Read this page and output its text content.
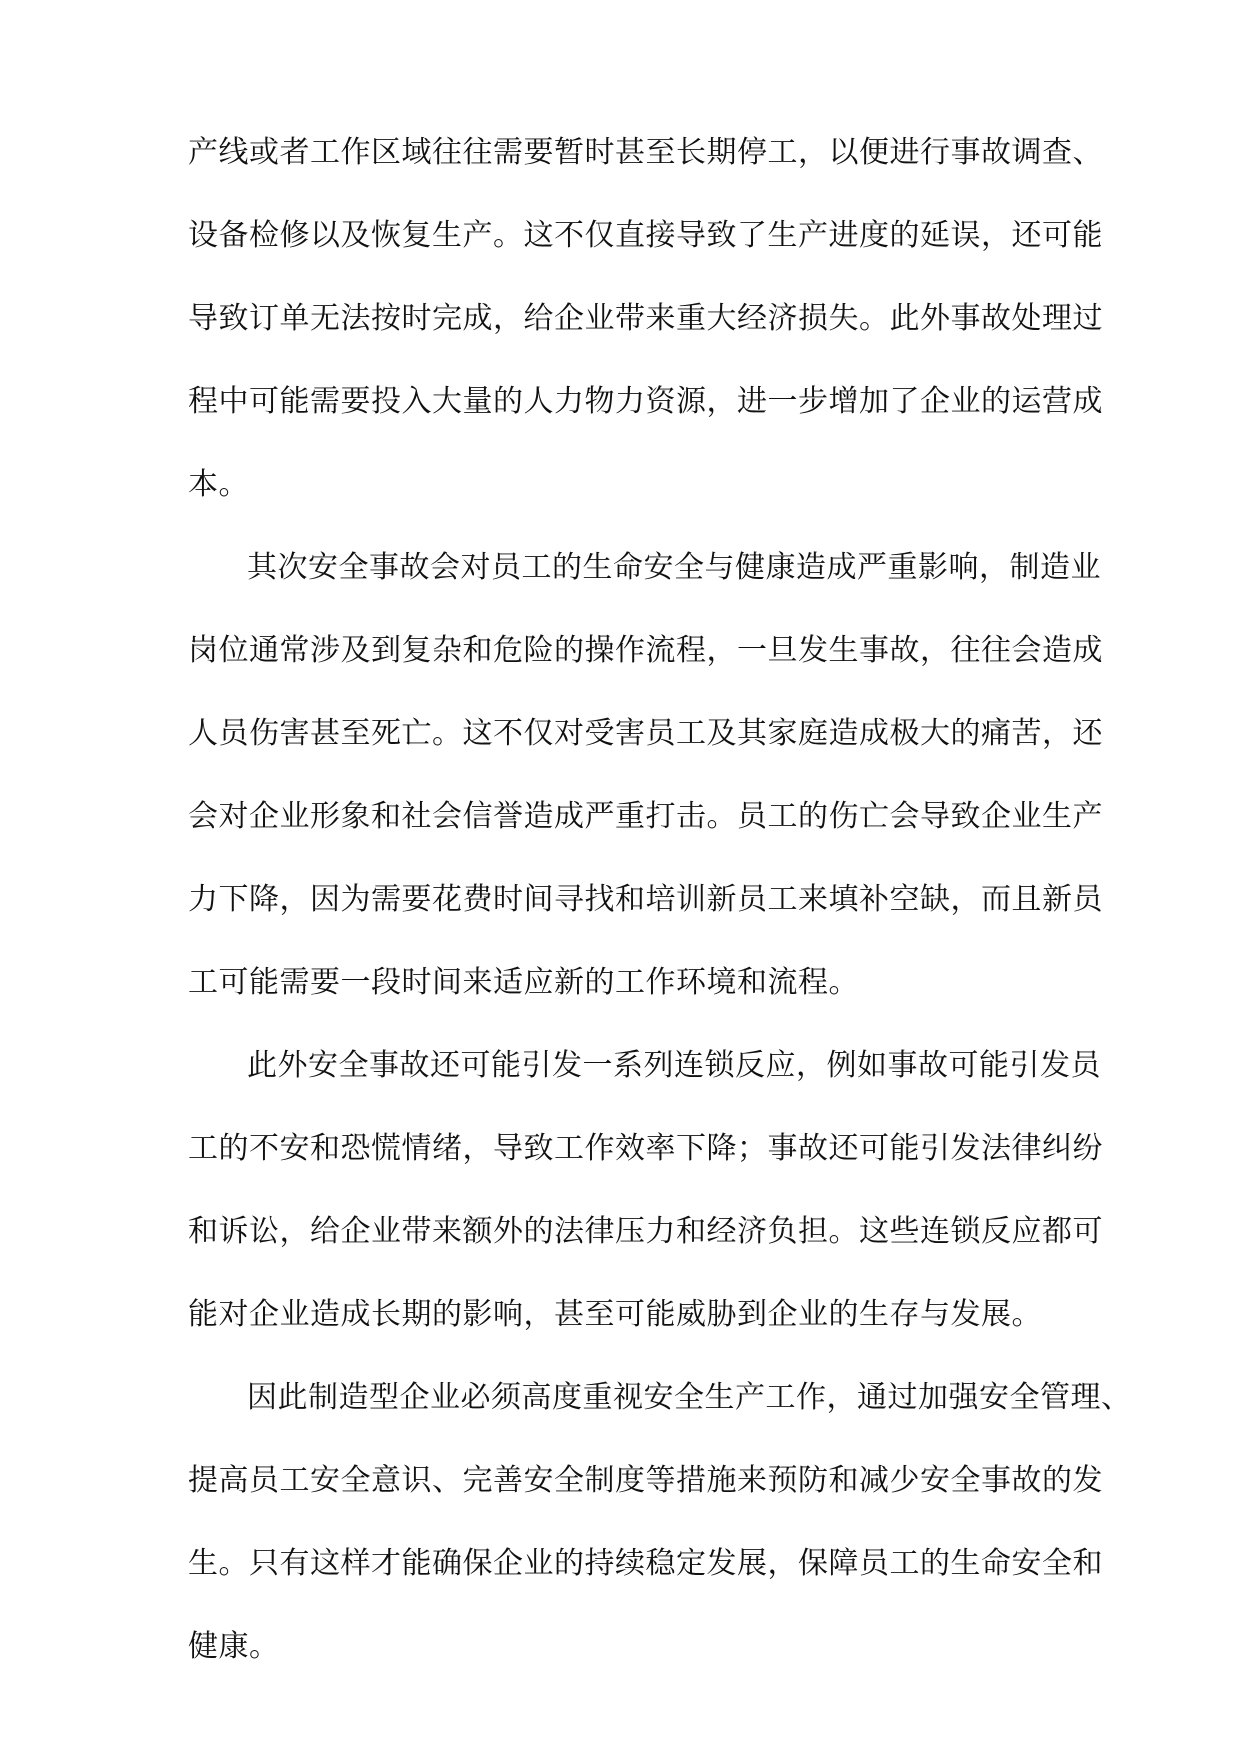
产线或者工作区域往往需要暂时甚至长期停工，以便进行事故调查、
设备检修以及恢复生产。这不仅直接导致了生产进度的延误，还可能
导致订单无法按时完成，给企业带来重大经济损失。此外事故处理过
程中可能需要投入大量的人力物力资源，进一步增加了企业的运营成
本。
其次安全事故会对员工的生命安全与健康造成严重影响，制造业
岗位通常涉及到复杂和危险的操作流程，一旦发生事故，往往会造成
人员伤害甚至死亡。这不仅对受害员工及其家庭造成极大的痛苦，还
会对企业形象和社会信誉造成严重打击。员工的伤亡会导致企业生产
力下降，因为需要花费时间寻找和培训新员工来填补空缺，而且新员
工可能需要一段时间来适应新的工作环境和流程。
此外安全事故还可能引发一系列连锁反应，例如事故可能引发员
工的不安和恐慌情绪，导致工作效率下降；事故还可能引发法律纠纷
和诉讼，给企业带来额外的法律压力和经济负担。这些连锁反应都可
能对企业造成长期的影响，甚至可能威胁到企业的生存与发展。
因此制造型企业必须高度重视安全生产工作，通过加强安全管理、
提高员工安全意识、完善安全制度等措施来预防和减少安全事故的发
生。只有这样才能确保企业的持续稳定发展，保障员工的生命安全和
健康。
